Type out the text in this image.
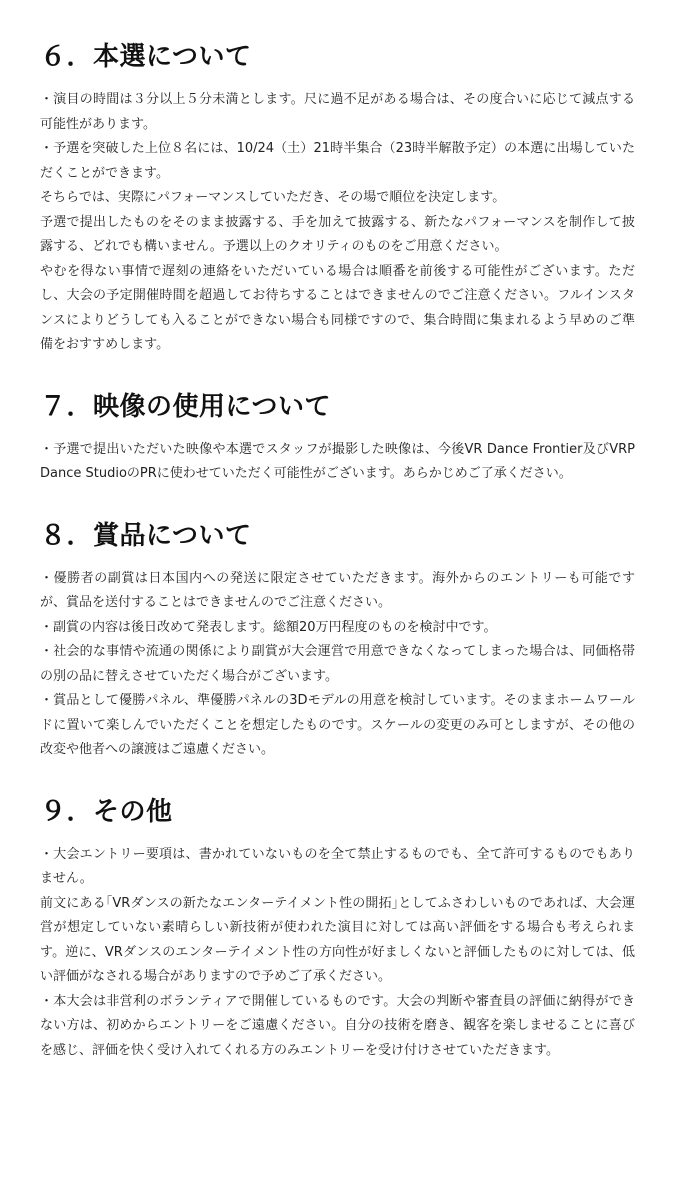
６．本選について

・演目の時間は３分以上５分未満とします。尺に過不足がある場合は、その度合いに応じて減点する可能性があります。

・予選を突破した上位８名には、10/24（土）21時半集合（23時半解散予定）の本選に出場していただくことができます。

そちらでは、実際にパフォーマンスしていただき、その場で順位を決定します。

予選で提出したものをそのまま披露する、手を加えて披露する、新たなパフォーマンスを制作して披露する、どれでも構いません。予選以上のクオリティのものをご用意ください。

やむを得ない事情で遅刻の連絡をいただいている場合は順番を前後する可能性がございます。ただし、大会の予定開催時間を超過してお待ちすることはできませんのでご注意ください。フルインスタンスによりどうしても入ることができない場合も同様ですので、集合時間に集まれるよう早めのご準備をおすすめします。

７．映像の使用について

・予選で提出いただいた映像や本選でスタッフが撮影した映像は、今後VR Dance Frontier及びVRP Dance StudioのPRに使わせていただく可能性がございます。あらかじめご了承ください。

８．賞品について

・優勝者の副賞は日本国内への発送に限定させていただきます。海外からのエントリーも可能ですが、賞品を送付することはできませんのでご注意ください。

・副賞の内容は後日改めて発表します。総額20万円程度のものを検討中です。

・社会的な事情や流通の関係により副賞が大会運営で用意できなくなってしまった場合は、同価格帯の別の品に替えさせていただく場合がございます。

・賞品として優勝パネル、準優勝パネルの3Dモデルの用意を検討しています。そのままホームワールドに置いて楽しんでいただくことを想定したものです。スケールの変更のみ可としますが、その他の改変や他者への譲渡はご遠慮ください。

９．その他

・大会エントリー要項は、書かれていないものを全て禁止するものでも、全て許可するものでもありません。

前文にある｢VRダンスの新たなエンターテイメント性の開拓｣としてふさわしいものであれば、大会運営が想定していない素晴らしい新技術が使われた演目に対しては高い評価をする場合も考えられます。逆に、VRダンスのエンターテイメント性の方向性が好ましくないと評価したものに対しては、低い評価がなされる場合がありますので予めご了承ください。

・本大会は非営利のボランティアで開催しているものです。大会の判断や審査員の評価に納得ができない方は、初めからエントリーをご遠慮ください。自分の技術を磨き、観客を楽しませることに喜びを感じ、評価を快く受け入れてくれる方のみエントリーを受け付けさせていただきます。
